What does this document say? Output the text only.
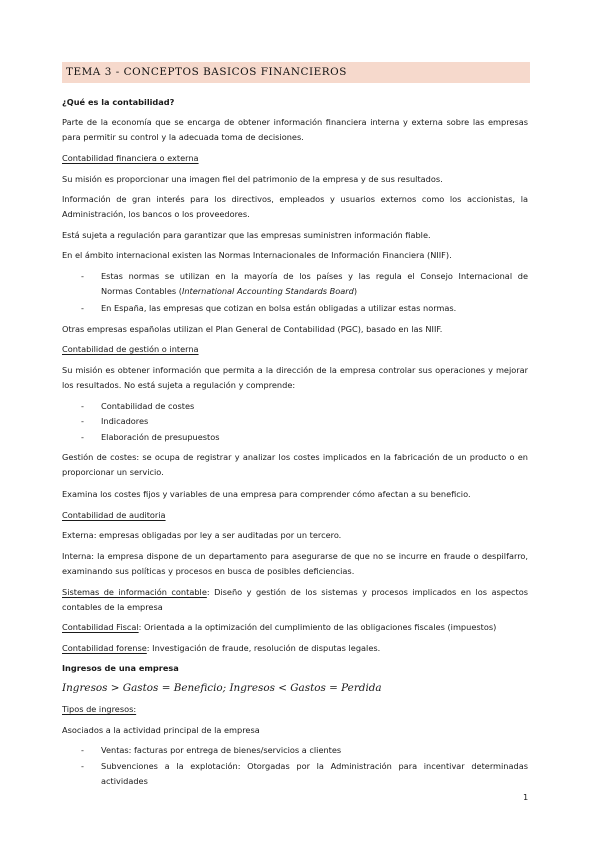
TEMA 3 - CONCEPTOS BASICOS FINANCIEROS
¿Qué es la contabilidad?
Parte de la economía que se encarga de obtener información financiera interna y externa sobre las empresas para permitir su control y la adecuada toma de decisiones.
Contabilidad financiera o externa
Su misión es proporcionar una imagen fiel del patrimonio de la empresa y de sus resultados.
Información de gran interés para los directivos, empleados y usuarios externos como los accionistas, la Administración, los bancos o los proveedores.
Está sujeta a regulación para garantizar que las empresas suministren información fiable.
En el ámbito internacional existen las Normas Internacionales de Información Financiera (NIIF).
- Estas normas se utilizan en la mayoría de los países y las regula el Consejo Internacional de
Normas Contables (International Accounting Standards Board)
- En España, las empresas que cotizan en bolsa están obligadas a utilizar estas normas.
Otras empresas españolas utilizan el Plan General de Contabilidad (PGC), basado en las NIIF.
Contabilidad de gestión o interna
Su misión es obtener información que permita a la dirección de la empresa controlar sus operaciones y mejorar los resultados. No está sujeta a regulación y comprende:
- Contabilidad de costes
- Indicadores
- Elaboración de presupuestos
Gestión de costes: se ocupa de registrar y analizar los costes implicados en la fabricación de un producto o en proporcionar un servicio.
Examina los costes fijos y variables de una empresa para comprender cómo afectan a su beneficio.
Contabilidad de auditoria
Externa: empresas obligadas por ley a ser auditadas por un tercero.
Interna: la empresa dispone de un departamento para asegurarse de que no se incurre en fraude o despilfarro, examinando sus políticas y procesos en busca de posibles deficiencias.
Sistemas de información contable: Diseño y gestión de los sistemas y procesos implicados en los aspectos contables de la empresa
Contabilidad Fiscal: Orientada a la optimización del cumplimiento de las obligaciones fiscales (impuestos)
Contabilidad forense: Investigación de fraude, resolución de disputas legales.
Ingresos de una empresa
Ingresos > Gastos = Beneficio; Ingresos < Gastos = Perdida
Tipos de ingresos:
Asociados a la actividad principal de la empresa
- Ventas: facturas por entrega de bienes/servicios a clientes
- Subvenciones a la explotación: Otorgadas por la Administración para incentivar determinadas
actividades
1
